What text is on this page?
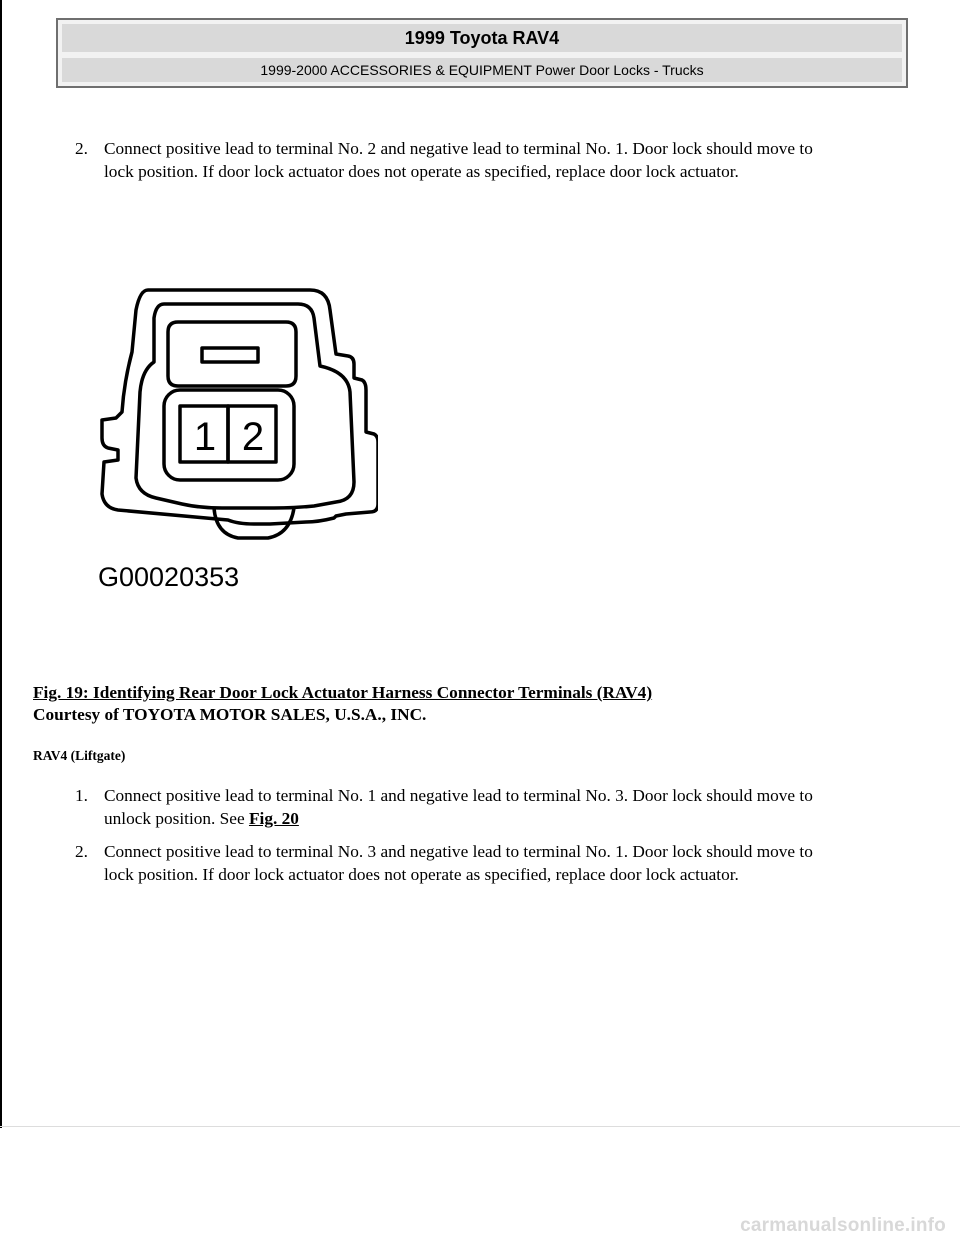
1999 Toyota RAV4
1999-2000 ACCESSORIES & EQUIPMENT Power Door Locks - Trucks
2. Connect positive lead to terminal No. 2 and negative lead to terminal No. 1. Door lock should move to
lock position. If door lock actuator does not operate as specified, replace door lock actuator.
1 2
G00020353
Fig. 19: Identifying Rear Door Lock Actuator Harness Connector Terminals (RAV4)
Courtesy of TOYOTA MOTOR SALES, U.S.A., INC.
RAV4 (Liftgate)
1. Connect positive lead to terminal No. 1 and negative lead to terminal No. 3. Door lock should move to
unlock position. See Fig. 20
2. Connect positive lead to terminal No. 3 and negative lead to terminal No. 1. Door lock should move to
lock position. If door lock actuator does not operate as specified, replace door lock actuator.
carmanualsonline.info
